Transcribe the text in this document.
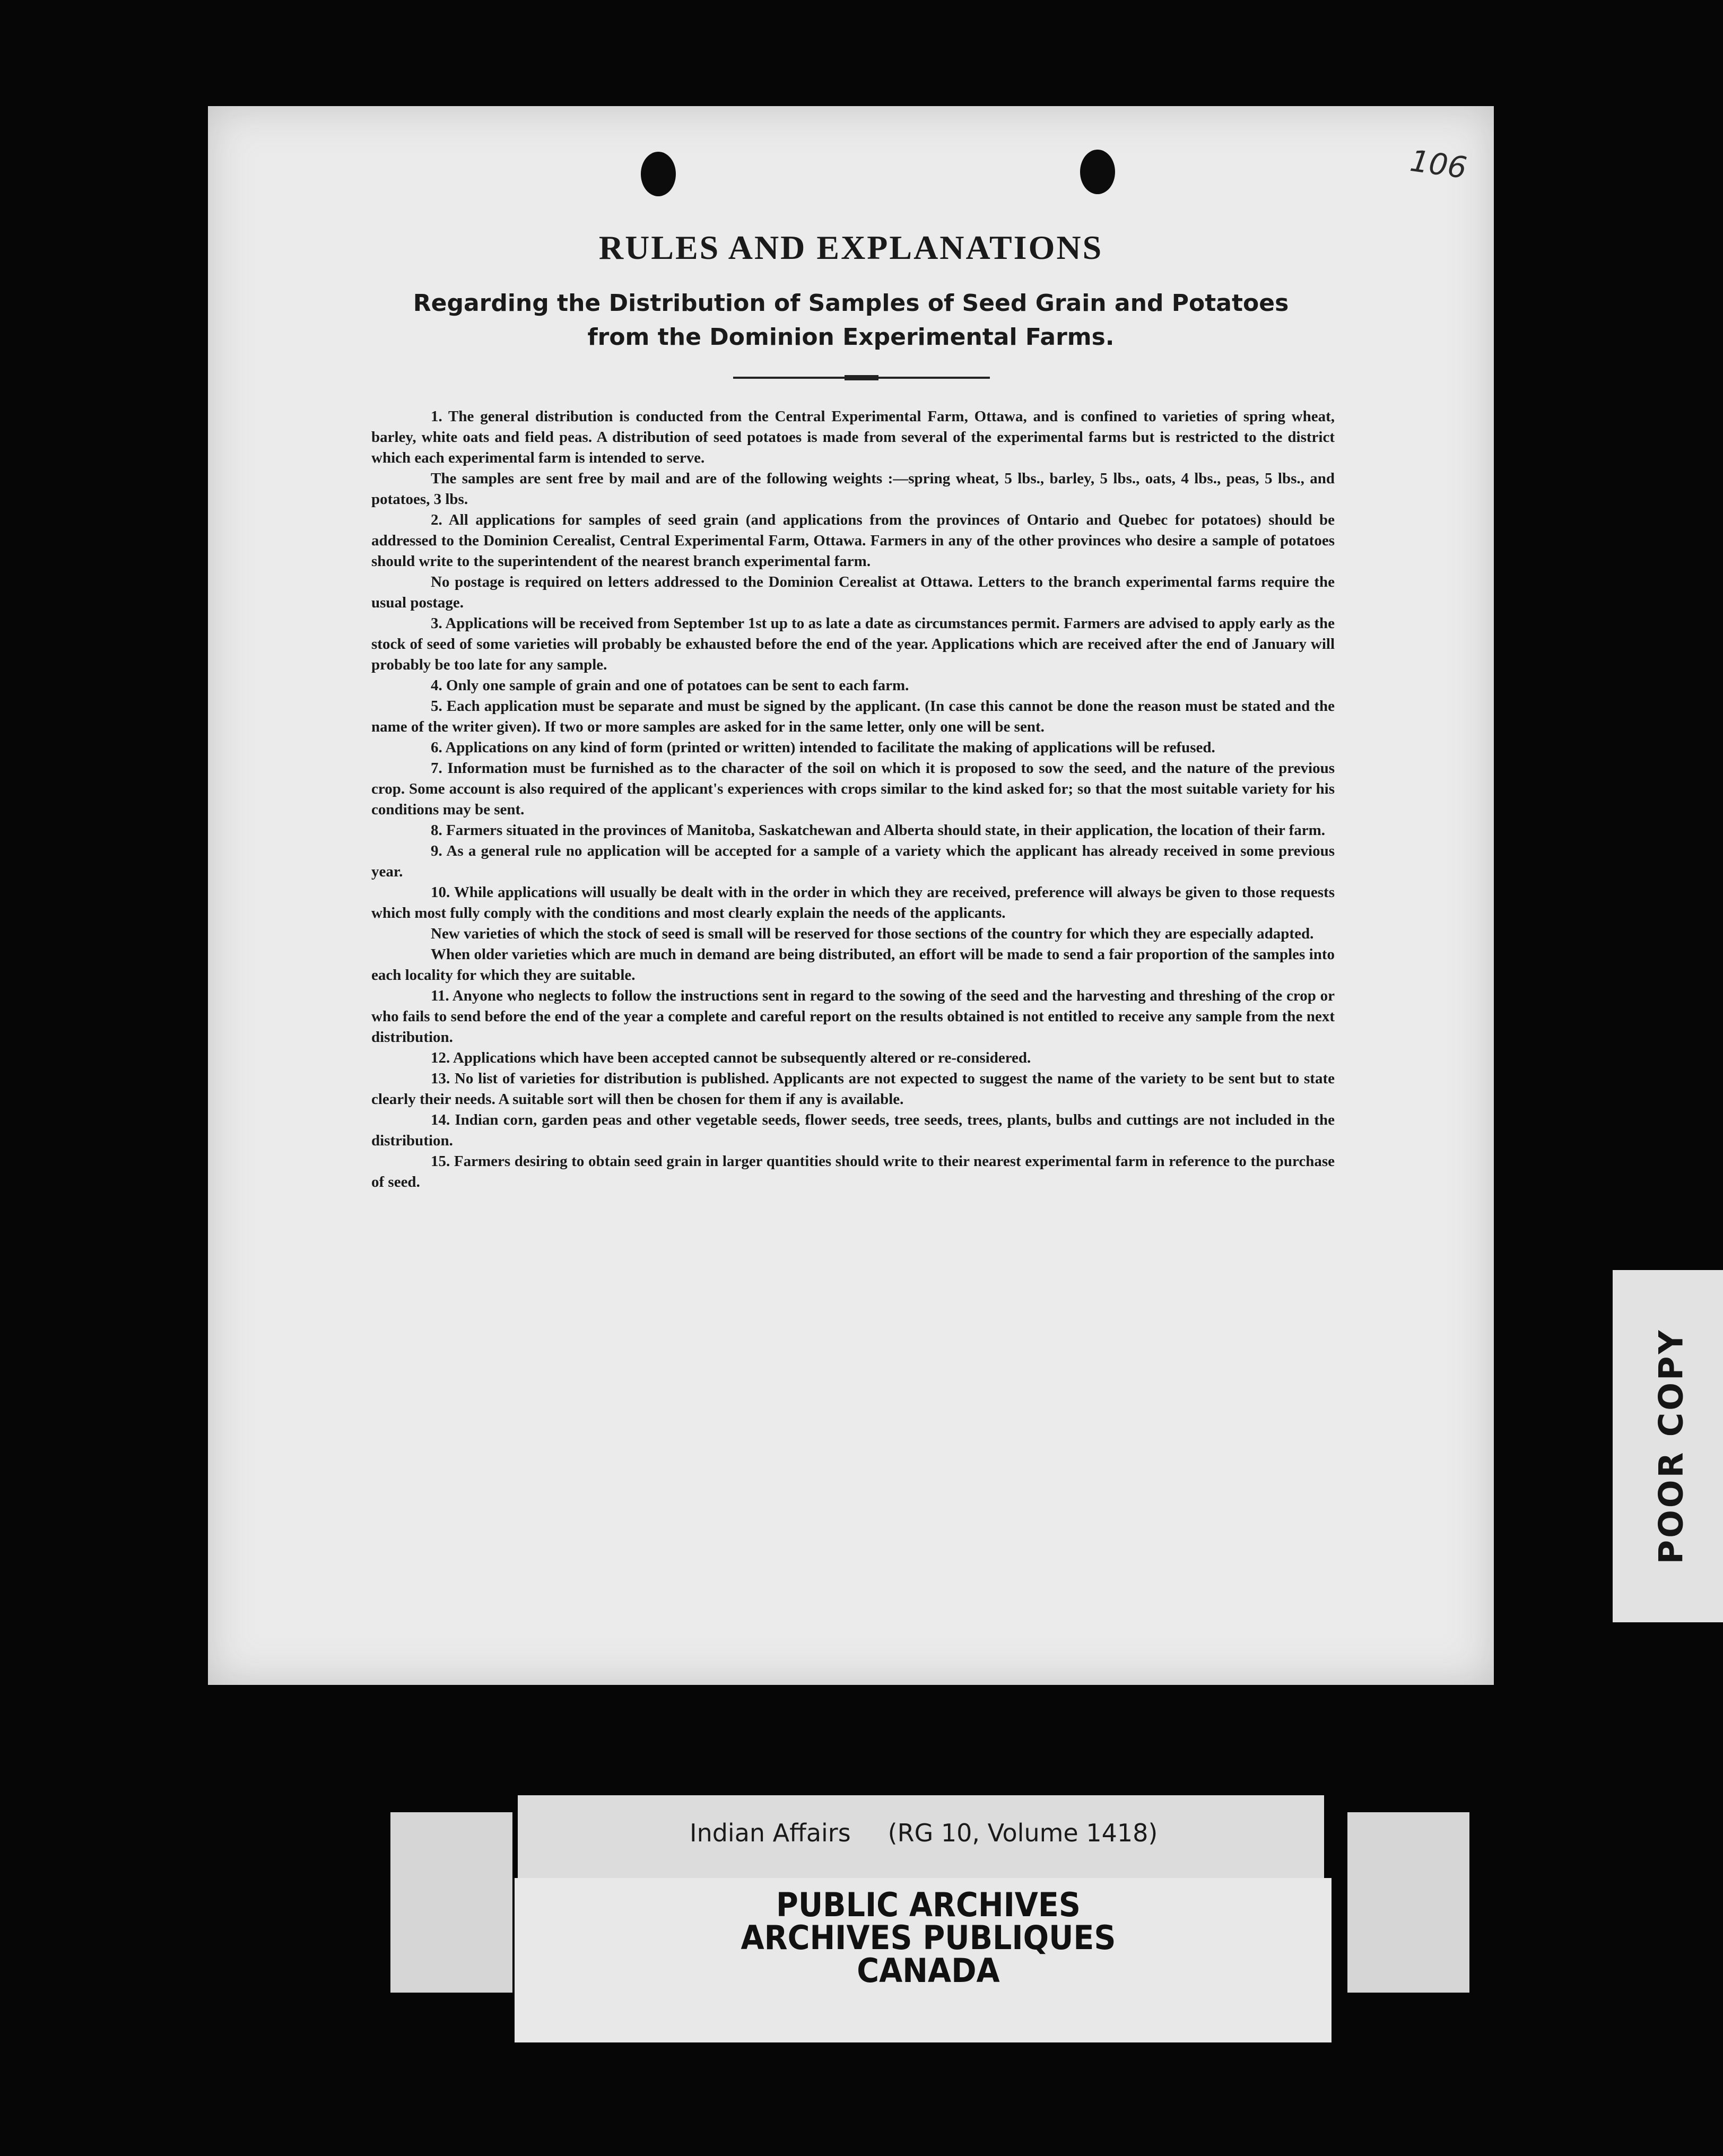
106
RULES AND EXPLANATIONS
Regarding the Distribution of Samples of Seed Grain and Potatoes
from the Dominion Experimental Farms.

1. The general distribution is conducted from the Central Experimental Farm, Ottawa, and is confined to varieties of spring wheat, barley, white oats and field peas. A distribution of seed potatoes is made from several of the experimental farms but is restricted to the district which each experimental farm is intended to serve.

The samples are sent free by mail and are of the following weights :—spring wheat, 5 lbs., barley, 5 lbs., oats, 4 lbs., peas, 5 lbs., and potatoes, 3 lbs.

2. All applications for samples of seed grain (and applications from the provinces of Ontario and Quebec for potatoes) should be addressed to the Dominion Cerealist, Central Experimental Farm, Ottawa. Farmers in any of the other provinces who desire a sample of potatoes should write to the superintendent of the nearest branch experimental farm.

No postage is required on letters addressed to the Dominion Cerealist at Ottawa. Letters to the branch experimental farms require the usual postage.

3. Applications will be received from September 1st up to as late a date as circumstances permit. Farmers are advised to apply early as the stock of seed of some varieties will probably be exhausted before the end of the year. Applications which are received after the end of January will probably be too late for any sample.

4. Only one sample of grain and one of potatoes can be sent to each farm.

5. Each application must be separate and must be signed by the applicant. (In case this cannot be done the reason must be stated and the name of the writer given). If two or more samples are asked for in the same letter, only one will be sent.

6. Applications on any kind of form (printed or written) intended to facilitate the making of applications will be refused.

7. Information must be furnished as to the character of the soil on which it is proposed to sow the seed, and the nature of the previous crop. Some account is also required of the applicant's experiences with crops similar to the kind asked for; so that the most suitable variety for his conditions may be sent.

8. Farmers situated in the provinces of Manitoba, Saskatchewan and Alberta should state, in their application, the location of their farm.

9. As a general rule no application will be accepted for a sample of a variety which the applicant has already received in some previous year.

10. While applications will usually be dealt with in the order in which they are received, preference will always be given to those requests which most fully comply with the conditions and most clearly explain the needs of the applicants.

New varieties of which the stock of seed is small will be reserved for those sections of the country for which they are especially adapted.

When older varieties which are much in demand are being distributed, an effort will be made to send a fair proportion of the samples into each locality for which they are suitable.

11. Anyone who neglects to follow the instructions sent in regard to the sowing of the seed and the harvesting and threshing of the crop or who fails to send before the end of the year a complete and careful report on the results obtained is not entitled to receive any sample from the next distribution.

12. Applications which have been accepted cannot be subsequently altered or re-considered.

13. No list of varieties for distribution is published. Applicants are not expected to suggest the name of the variety to be sent but to state clearly their needs. A suitable sort will then be chosen for them if any is available.

14. Indian corn, garden peas and other vegetable seeds, flower seeds, tree seeds, trees, plants, bulbs and cuttings are not included in the distribution.

15. Farmers desiring to obtain seed grain in larger quantities should write to their nearest experimental farm in reference to the purchase of seed.

Indian Affairs (RG 10, Volume 1418)
PUBLIC ARCHIVES
ARCHIVES PUBLIQUES
CANADA
POOR COPY
